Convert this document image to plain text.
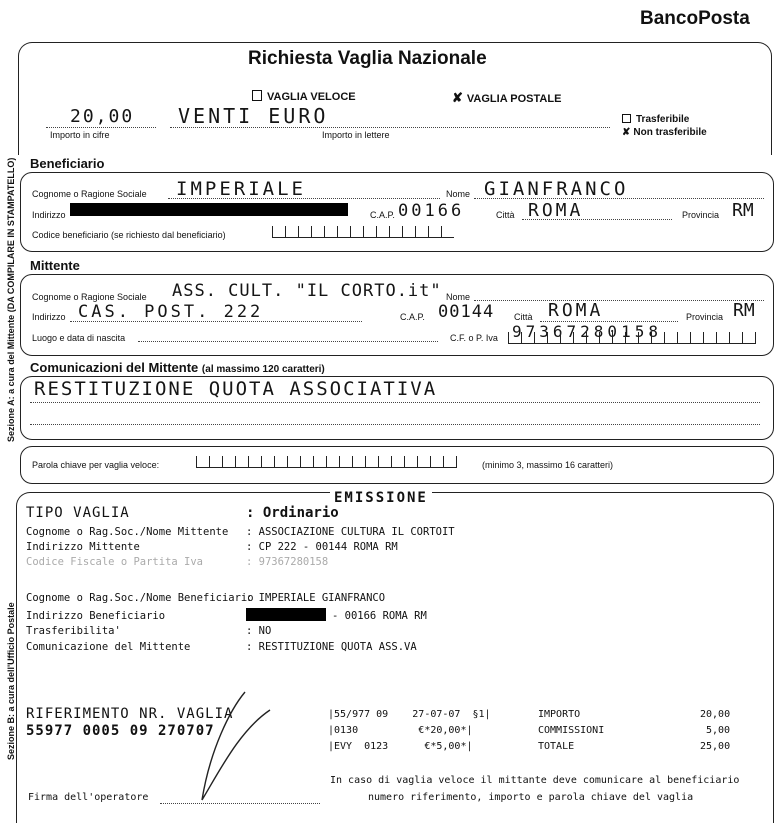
BancoPosta
Richiesta Vaglia Nazionale
Sezione A: a cura del Mittente (DA COMPILARE IN STAMPATELLO)
Sezione B: a cura dell'Ufficio Postale
VAGLIA VELOCE	✘ VAGLIA POSTALE
Trasferibile
✘ Non trasferibile
20,00
Importo in cifre
VENTI EURO
Importo in lettere
Beneficiario
Cognome o Ragione Sociale IMPERIALE	Nome GIANFRANCO
Indirizzo	C.A.P. 00166	Città ROMA	Provincia RM
Codice beneficiario (se richiesto dal beneficiario)
Mittente
Cognome o Ragione Sociale ASS. CULT. "IL CORTO.it" Nome
Indirizzo CAS. POST. 222	C.A.P. 00144 Città ROMA	Provincia RM
Luogo e data di nascita	C.F. o P. Iva 97367280158
Comunicazioni del Mittente (al massimo 120 caratteri)
RESTITUZIONE QUOTA ASSOCIATIVA
Parola chiave per vaglia veloce:	(minimo 3, massimo 16 caratteri)
EMISSIONE
TIPO VAGLIA	: Ordinario
Cognome o Rag.Soc./Nome Mittente : ASSOCIAZIONE CULTURA IL CORTOIT
Indirizzo Mittente	: CP 222 - 00144 ROMA RM
Codice Fiscale o Partita Iva	: 97367280158
Cognome o Rag.Soc./Nome Beneficiario: IMPERIALE GIANFRANCO
Indirizzo Beneficiario	- 00166 ROMA RM
Trasferibilita'	: NO
Comunicazione del Mittente	: RESTITUZIONE QUOTA ASS.VA
RIFERIMENTO NR. VAGLIA
55977 0005 09 270707
|55/977 09    27-07-07  §1|
|0130          €*20,00*|
|EVY  0123      €*5,00*|
IMPORTO	20,00
COMMISSIONI	5,00
TOTALE	25,00
In caso di vaglia veloce il mittante deve comunicare al beneficiario
numero riferimento, importo e parola chiave del vaglia
Firma dell'operatore
